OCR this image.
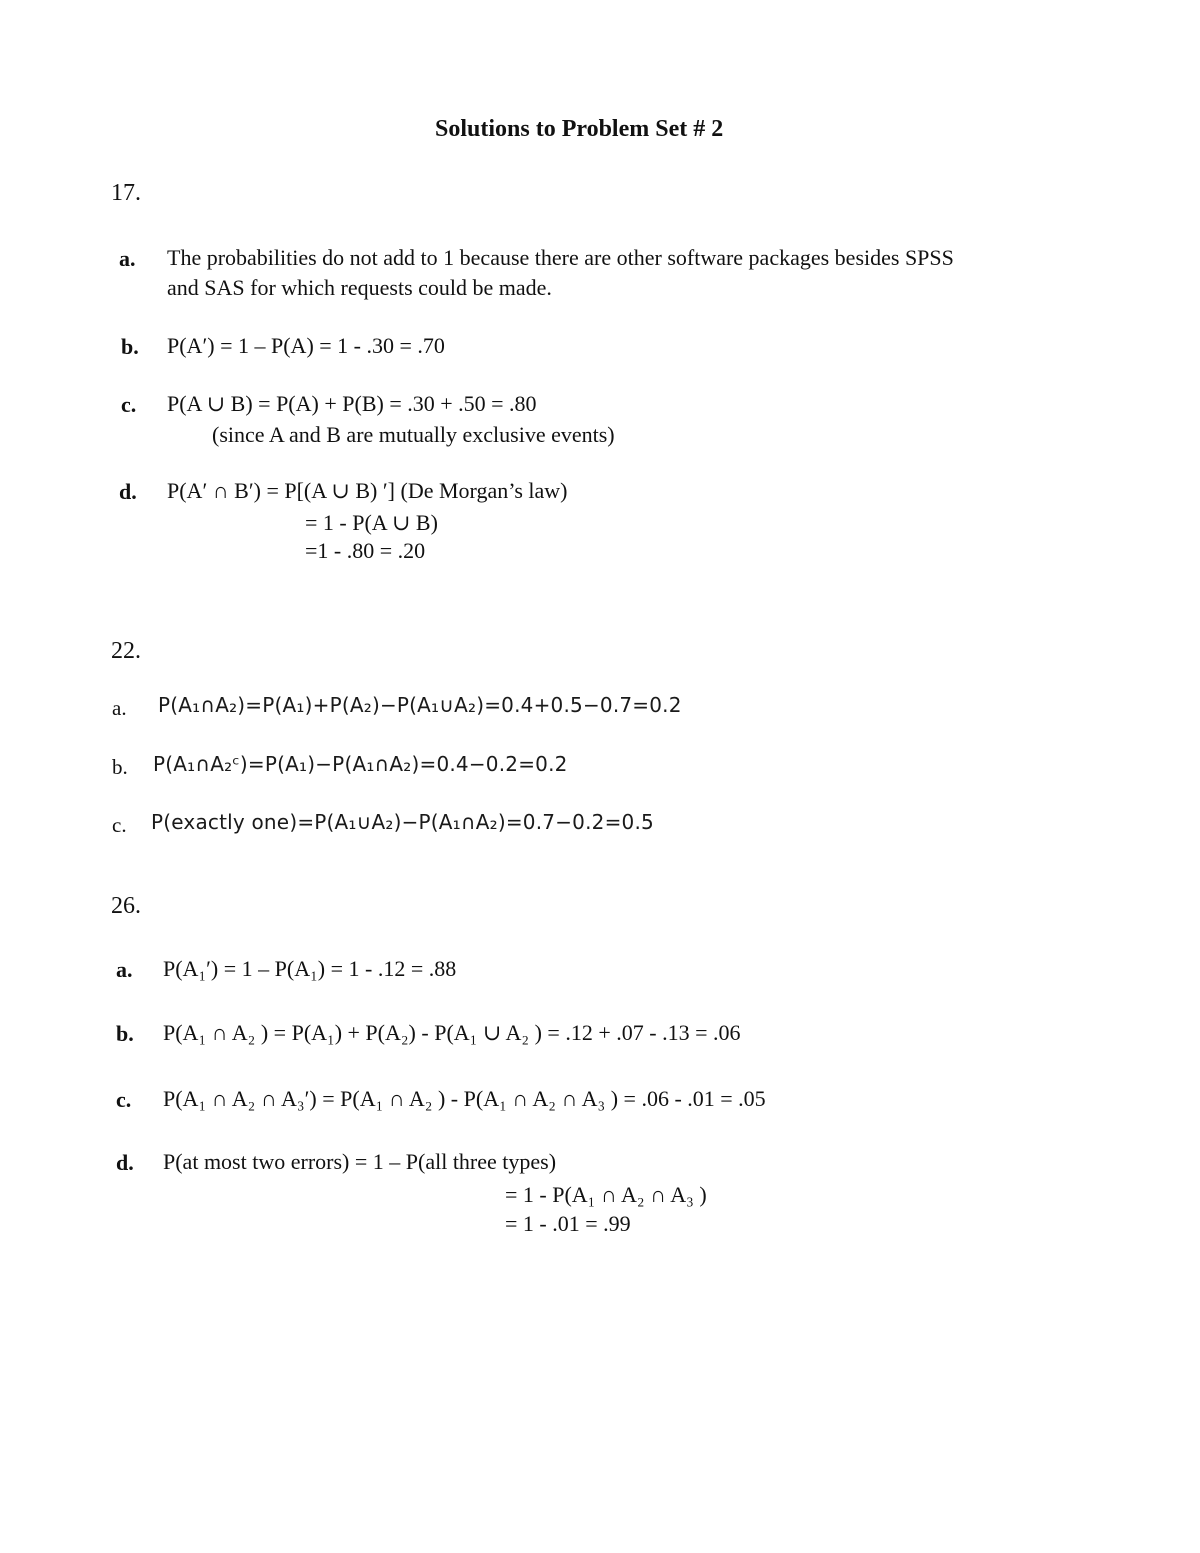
Solutions to Problem Set # 2
17.
a. The probabilities do not add to 1 because there are other software packages besides SPSS
and SAS for which requests could be made.
b. P(A′) = 1 – P(A) = 1 - .30 = .70
c. P(A ∪ B) = P(A) + P(B) = .30 + .50 = .80
(since A and B are mutually exclusive events)
d. P(A′ ∩ B′) = P[(A ∪ B) ′] (De Morgan’s law)
= 1 - P(A ∪ B)
=1 - .80 = .20
22.
a. P(A₁∩A₂)=P(A₁)+P(A₂)−P(A₁∪A₂)=0.4+0.5−0.7=0.2
b. P(A₁∩A₂ᶜ)=P(A₁)−P(A₁∩A₂)=0.4−0.2=0.2
c. P(exactly one)=P(A₁∪A₂)−P(A₁∩A₂)=0.7−0.2=0.5
26.
a. P(A₁′) = 1 – P(A₁) = 1 - .12 = .88
b. P(A₁ ∩ A₂ ) = P(A₁) + P(A₂) - P(A₁ ∪ A₂ ) = .12 + .07 - .13 = .06
c. P(A₁ ∩ A₂ ∩ A₃′) = P(A₁ ∩ A₂ ) - P(A₁ ∩ A₂ ∩ A₃ ) = .06 - .01 = .05
d. P(at most two errors) = 1 – P(all three types)
= 1 - P(A₁ ∩ A₂ ∩ A₃ )
= 1 - .01 = .99
